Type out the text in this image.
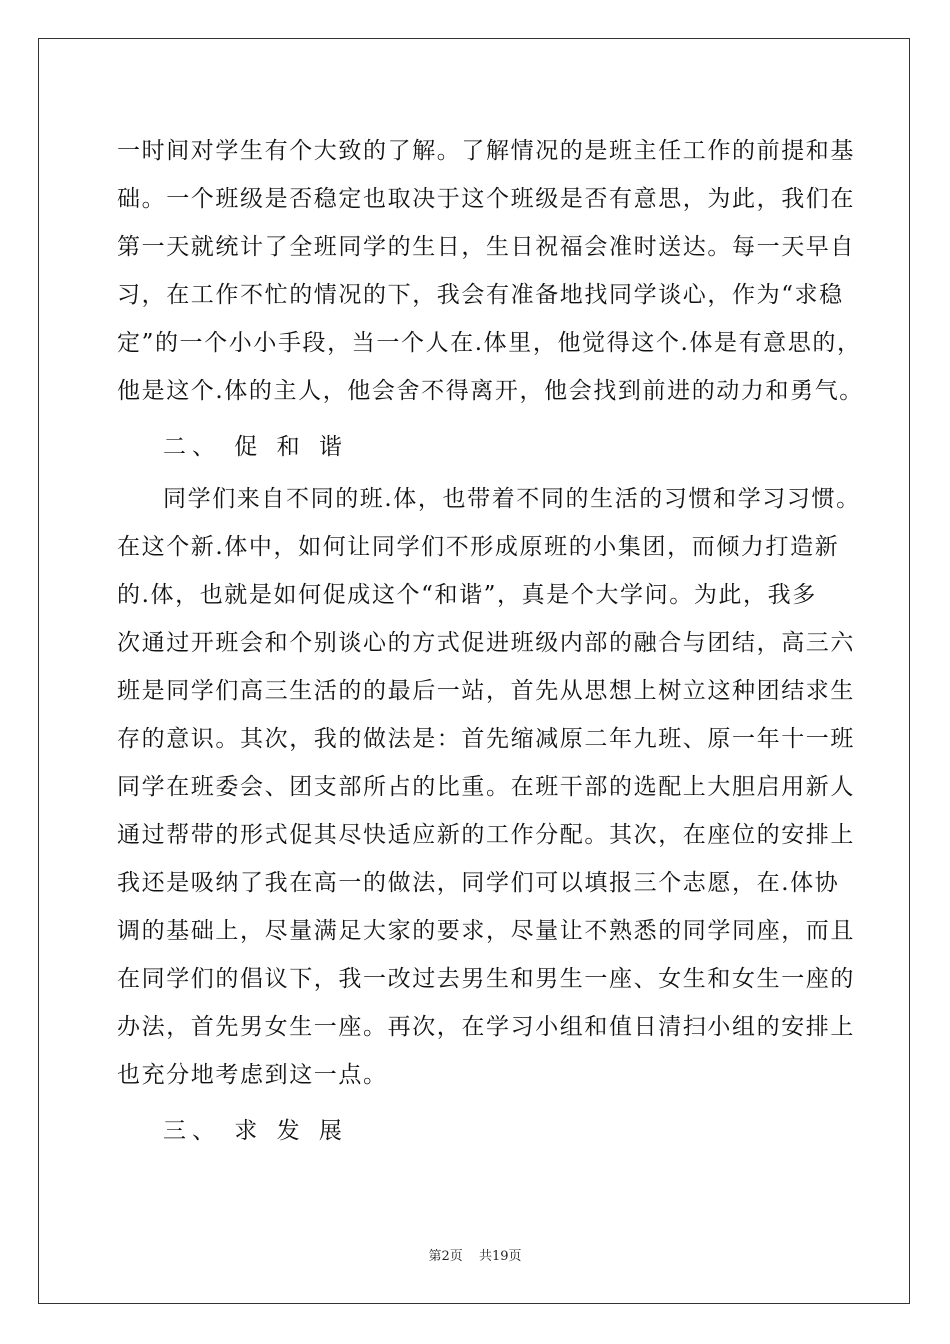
一时间对学生有个大致的了解。了解情况的是班主任工作的前提和基
础。一个班级是否稳定也取决于这个班级是否有意思，为此，我们在
第一天就统计了全班同学的生日，生日祝福会准时送达。每一天早自
习，在工作不忙的情况的下，我会有准备地找同学谈心，作为“求稳
定”的一个小小手段，当一个人在.体里，他觉得这个.体是有意思的，
他是这个.体的主人，他会舍不得离开，他会找到前进的动力和勇气。
二、 促 和 谐
同学们来自不同的班.体，也带着不同的生活的习惯和学习习惯。
在这个新.体中，如何让同学们不形成原班的小集团，而倾力打造新
的.体，也就是如何促成这个“和谐”，真是个大学问。为此，我多
次通过开班会和个别谈心的方式促进班级内部的融合与团结，高三六
班是同学们高三生活的的最后一站，首先从思想上树立这种团结求生
存的意识。其次，我的做法是：首先缩减原二年九班、原一年十一班
同学在班委会、团支部所占的比重。在班干部的选配上大胆启用新人
通过帮带的形式促其尽快适应新的工作分配。其次，在座位的安排上
我还是吸纳了我在高一的做法，同学们可以填报三个志愿，在.体协
调的基础上，尽量满足大家的要求，尽量让不熟悉的同学同座，而且
在同学们的倡议下，我一改过去男生和男生一座、女生和女生一座的
办法，首先男女生一座。再次，在学习小组和值日清扫小组的安排上
也充分地考虑到这一点。
三、 求 发 展
第2页 共19页
